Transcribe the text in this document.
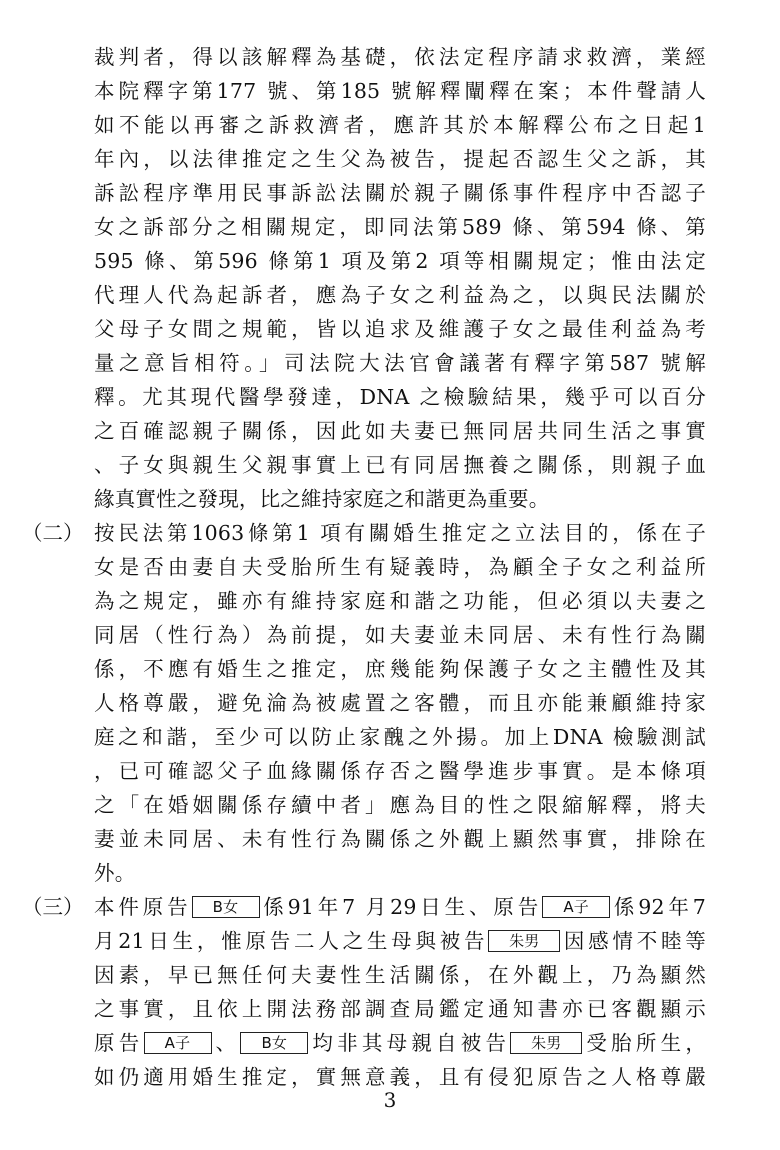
裁判者，得以該解釋為基礎，依法定程序請求救濟，業經
本院釋字第177 號、第185 號解釋闡釋在案；本件聲請人
如不能以再審之訴救濟者，應許其於本解釋公布之日起1
年內，以法律推定之生父為被告，提起否認生父之訴，其
訴訟程序準用民事訴訟法關於親子關係事件程序中否認子
女之訴部分之相關規定，即同法第589 條、第594 條、第
595 條、第596 條第1 項及第2 項等相關規定；惟由法定
代理人代為起訴者，應為子女之利益為之，以與民法關於
父母子女間之規範，皆以追求及維護子女之最佳利益為考
量之意旨相符。」司法院大法官會議著有釋字第587 號解
釋。尤其現代醫學發達，DNA 之檢驗結果，幾乎可以百分
之百確認親子關係，因此如夫妻已無同居共同生活之事實
、子女與親生父親事實上已有同居撫養之關係，則親子血
緣真實性之發現，比之維持家庭之和諧更為重要。
（二） 按民法第1063條第1 項有關婚生推定之立法目的，係在子
女是否由妻自夫受胎所生有疑義時，為顧全子女之利益所
為之規定，雖亦有維持家庭和諧之功能，但必須以夫妻之
同居（性行為）為前提，如夫妻並未同居、未有性行為關
係，不應有婚生之推定，庶幾能夠保護子女之主體性及其
人格尊嚴，避免淪為被處置之客體，而且亦能兼顧維持家
庭之和諧，至少可以防止家醜之外揚。加上DNA 檢驗測試
，已可確認父子血緣關係存否之醫學進步事實。是本條項
之「在婚姻關係存續中者」應為目的性之限縮解釋，將夫
妻並未同居、未有性行為關係之外觀上顯然事實，排除在
外。
（三） 本件原告 B女 係91年7 月29日生、原告 A子 係92年7
月21日生，惟原告二人之生母與被告 朱男 因感情不睦等
3
因素，早已無任何夫妻性生活關係，在外觀上，乃為顯然
之事實，且依上開法務部調查局鑑定通知書亦已客觀顯示
原告 A子 、 B女 均非其母親自被告 朱男 受胎所生，
如仍適用婚生推定，實無意義，且有侵犯原告之人格尊嚴
